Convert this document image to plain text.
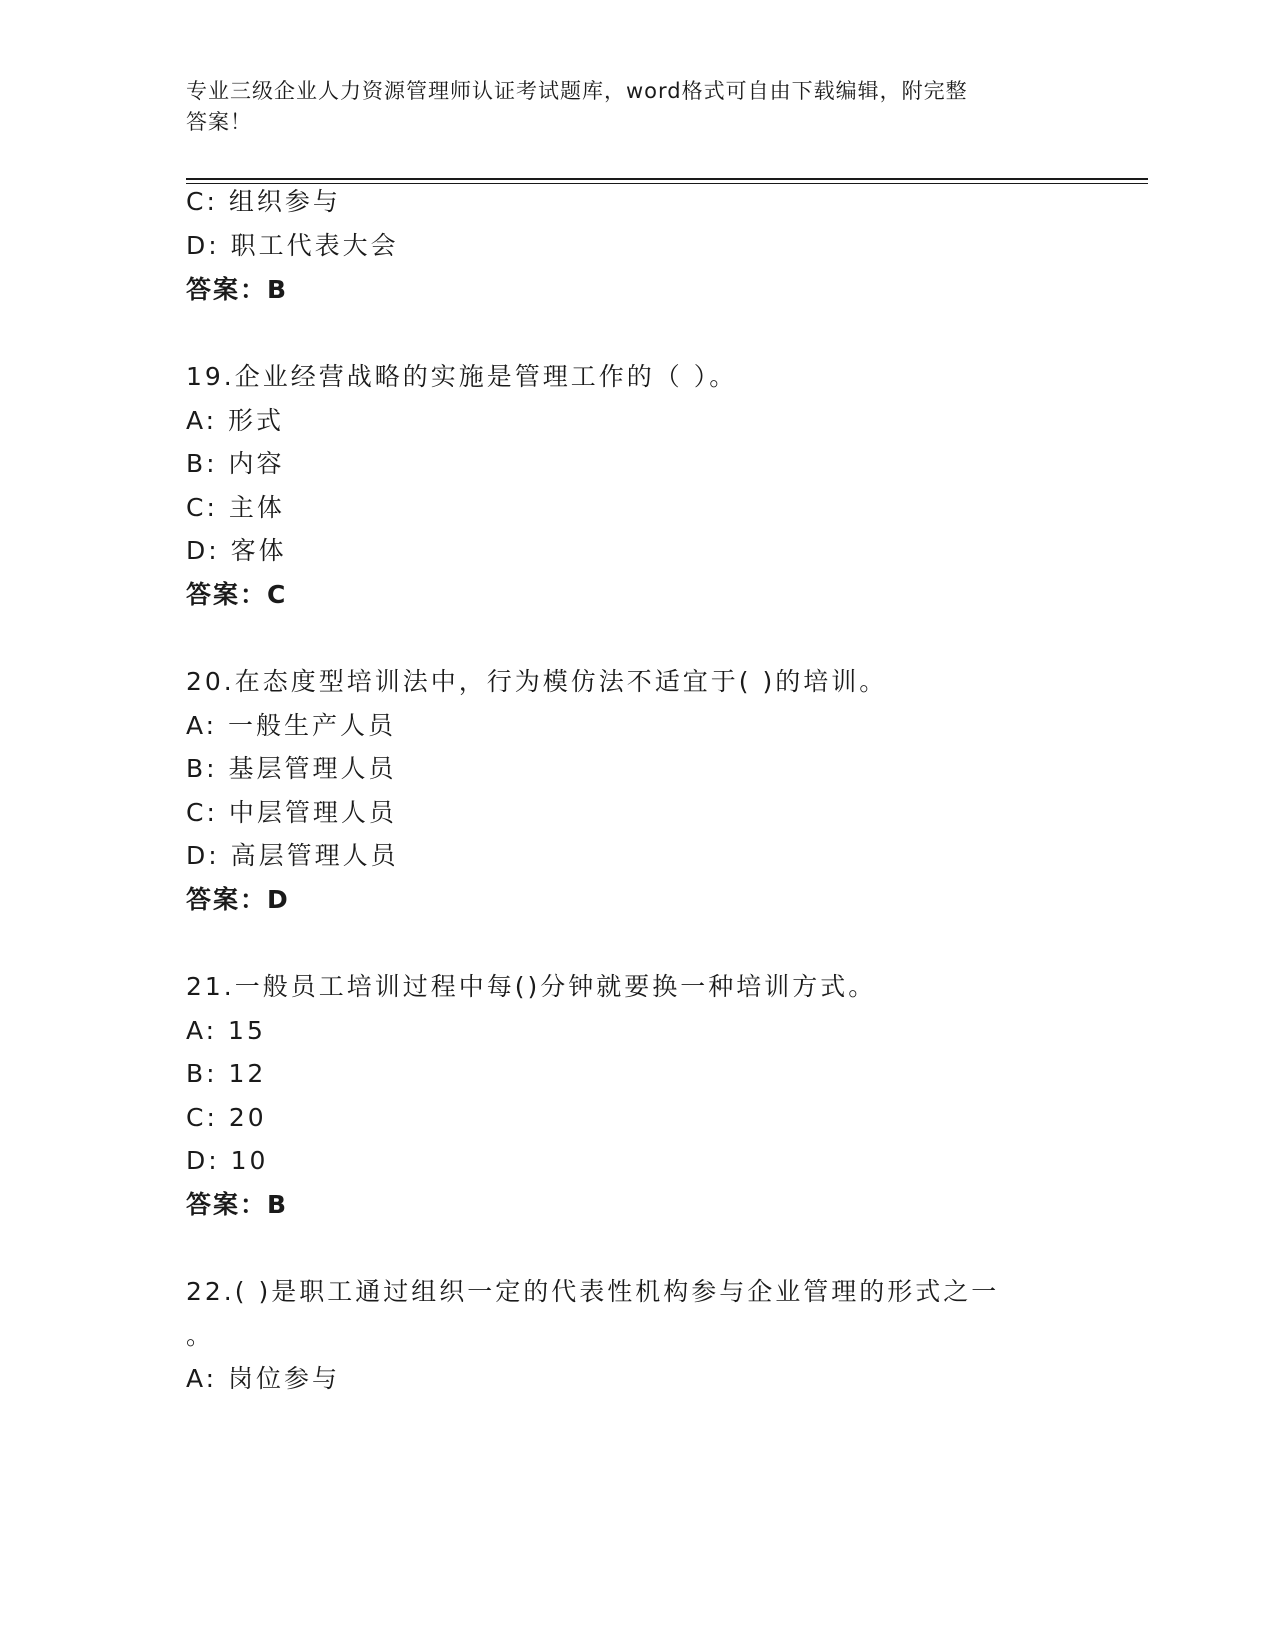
专业三级企业人力资源管理师认证考试题库，word格式可自由下载编辑，附完整
答案！
C: 组织参与
D: 职工代表大会
答案：B
19.企业经营战略的实施是管理工作的（ ）。
A: 形式
B: 内容
C: 主体
D: 客体
答案：C
20.在态度型培训法中，行为模仿法不适宜于( )的培训。
A: 一般生产人员
B: 基层管理人员
C: 中层管理人员
D: 高层管理人员
答案：D
21.一般员工培训过程中每()分钟就要换一种培训方式。
A: 15
B: 12
C: 20
D: 10
答案：B
22.( )是职工通过组织一定的代表性机构参与企业管理的形式之一
。
A: 岗位参与
